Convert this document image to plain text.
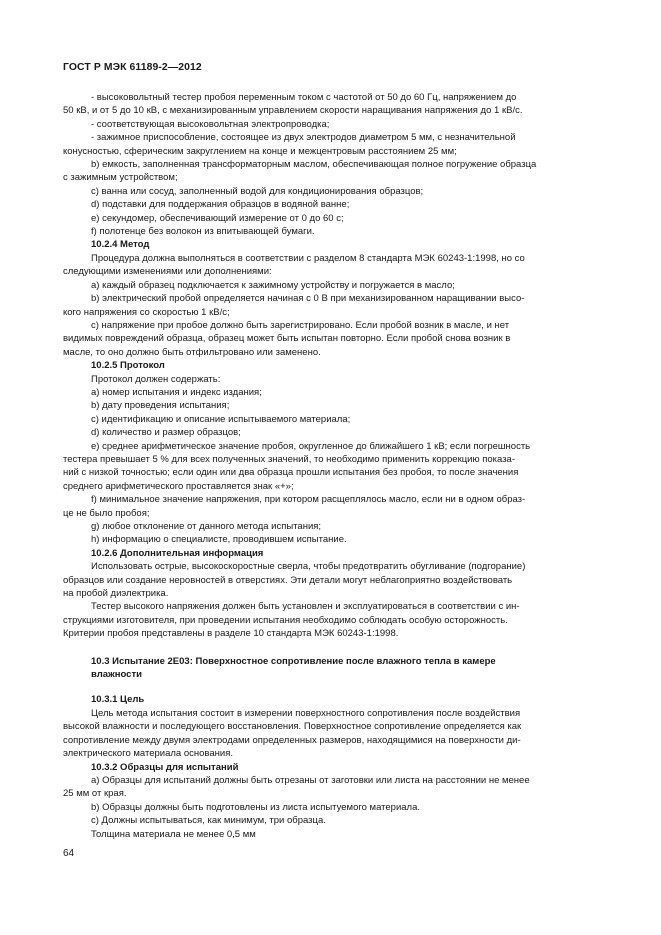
ГОСТ Р МЭК 61189-2—2012

- высоковольтный тестер пробоя переменным током с частотой от 50 до 60 Гц, напряжением до

50 кВ, и от 5 до 10 кВ, с механизированным управлением скорости наращивания напряжения до 1 кВ/с.

- соответствующая высоковольтная электропроводка;

- зажимное приспособление, состоящее из двух электродов диаметром 5 мм, с незначительной

конусностью, сферическим закруглением на конце и межцентровым расстоянием 25 мм;

b) емкость, заполненная трансформаторным маслом, обеспечивающая полное погружение образца

с зажимным устройством;

c) ванна или сосуд, заполненный водой для кондиционирования образцов;

d) подставки для поддержания образцов в водяной ванне;

e) секундомер, обеспечивающий измерение от 0 до 60 с;

f) полотенце без волокон из впитывающей бумаги.

10.2.4 Метод

Процедура должна выполняться в соответствии с разделом 8 стандарта МЭК 60243-1:1998, но со

следующими изменениями или дополнениями:

a) каждый образец подключается к зажимному устройству и погружается в масло;

b) электрический пробой определяется начиная с 0 В при механизированном наращивании высо-

кого напряжения со скоростью 1 кВ/с;

c) напряжение при пробое должно быть зарегистрировано. Если пробой возник в масле, и нет

видимых повреждений образца, образец может быть испытан повторно. Если пробой снова возник в

масле, то оно должно быть отфильтровано или заменено.

10.2.5 Протокол

Протокол должен содержать:

a) номер испытания и индекс издания;

b) дату проведения испытания;

c) идентификацию и описание испытываемого материала;

d) количество и размер образцов;

e) среднее арифметическое значение пробоя, округленное до ближайшего 1 кВ; если погрешность

тестера превышает 5 % для всех полученных значений, то необходимо применить коррекцию показа-

ний с низкой точностью; если один или два образца прошли испытания без пробоя, то после значения

среднего арифметического проставляется знак «+»;

f) минимальное значение напряжения, при котором расщеплялось масло, если ни в одном образ-

це не было пробоя;

g) любое отклонение от данного метода испытания;

h) информацию о специалисте, проводившем испытание.

10.2.6 Дополнительная информация

Использовать острые, высокоскоростные сверла, чтобы предотвратить обугливание (подгорание)

образцов или создание неровностей в отверстиях. Эти детали могут неблагоприятно воздействовать

на пробой диэлектрика.

Тестер высокого напряжения должен быть установлен и эксплуатироваться в соответствии с ин-

струкциями изготовителя, при проведении испытания необходимо соблюдать особую осторожность.

Критерии пробоя представлены в разделе 10 стандарта МЭК 60243-1:1998.

10.3 Испытание 2Е03: Поверхностное сопротивление после влажного тепла в камере

влажности

10.3.1 Цель

Цель метода испытания состоит в измерении поверхностного сопротивления после воздействия

высокой влажности и последующего восстановления. Поверхностное сопротивление определяется как

сопротивление между двумя электродами определенных размеров, находящимися на поверхности ди-

электрического материала основания.

10.3.2 Образцы для испытаний

a) Образцы для испытаний должны быть отрезаны от заготовки или листа на расстоянии не менее

25 мм от края.

b) Образцы должны быть подготовлены из листа испытуемого материала.

c) Должны испытываться, как минимум, три образца.

Толщина материала не менее 0,5 мм

64
